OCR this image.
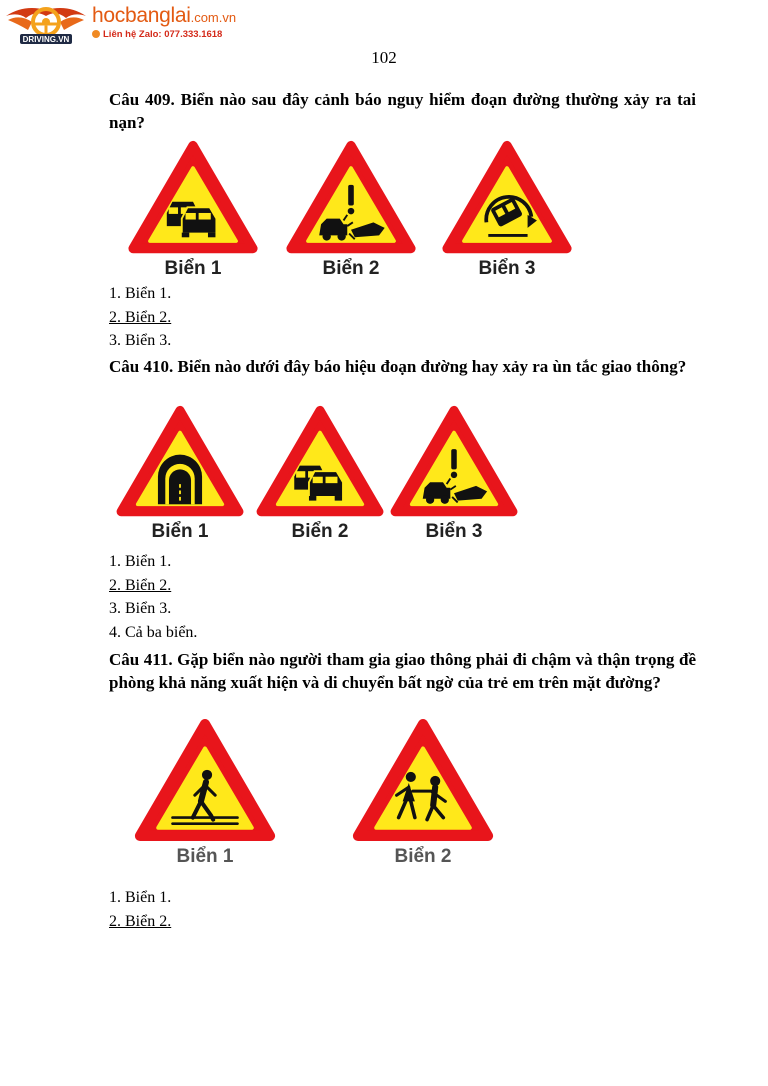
DRIVING.VN
hocbanglai.com.vn
Liên hệ Zalo: 077.333.1618
102

Câu 409. Biển nào sau đây cảnh báo nguy hiểm đoạn đường thường xảy ra tai nạn?

Biển 1	Biển 2	Biển 3

1. Biển 1.

2. Biển 2.

3. Biển 3.

Câu 410. Biển nào dưới đây báo hiệu đoạn đường hay xảy ra ùn tắc giao thông?

Biển 1	Biển 2	Biển 3

1. Biển 1.

2. Biển 2.

3. Biển 3.

4. Cả ba biển.

Câu 411. Gặp biển nào người tham gia giao thông phải đi chậm và thận trọng đề phòng khả năng xuất hiện và di chuyển bất ngờ của trẻ em trên mặt đường?

Biển 1	Biển 2

1. Biển 1.

2. Biển 2.
